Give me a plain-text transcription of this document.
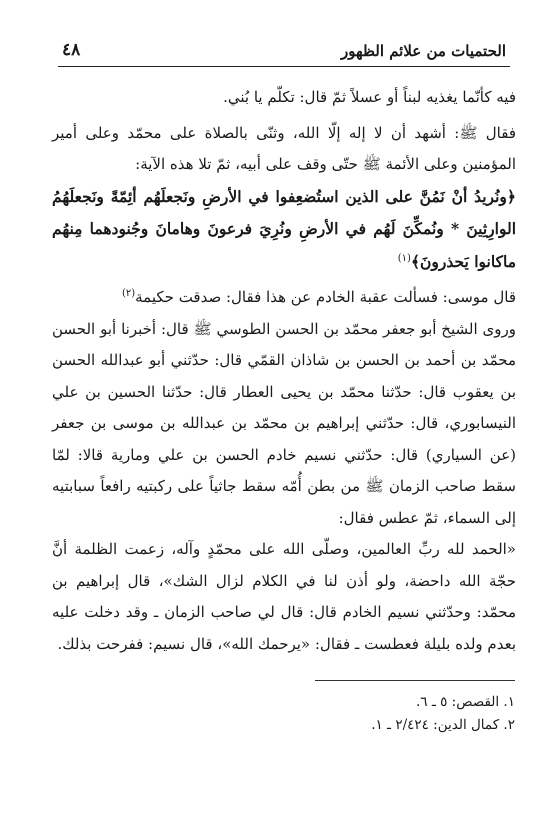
٤٨	الحتميات من علائم الظهور

فيه كأنّما يغذيه لبناً أو عسلاً ثمّ قال: تكلّم يا بُني.

فقال ﷺ: أشهد أن لا إله إلّا الله، وثنّى بالصلاة على محمّد وعلى أمير المؤمنين وعلى الأئمة ﷺ حتّى وقف على أبيه، ثمّ تلا هذه الآية:

﴿ونُريدُ أنْ نَمُنَّ على الذين استُضعِفوا في الأرضِ ونَجعلَهُم أئِمّةً ونَجعلَهُمُ الوارِثِينَ * ونُمكِّنَ لَهُم في الأرضِ ونُرِيَ فرعونَ وهامانَ وجُنودهما مِنهُم ماكانوا يَحذرونَ﴾$^{(١)}$

قال موسى: فسألت عقبة الخادم عن هذا فقال: صدقت حكيمة$^{(٢)}$

وروى الشيخ أبو جعفر محمّد بن الحسن الطوسي ﷺ قال: أخبرنا أبو الحسن محمّد بن أحمد بن الحسن بن شاذان القمّي قال: حدّثني أبو عبدالله الحسن بن يعقوب قال: حدّثنا محمّد بن يحيى العطار قال: حدّثنا الحسين بن علي النيسابوري، قال: حدّثني إبراهيم بن محمّد بن عبدالله بن موسى بن جعفر (عن السياري) قال: حدّثني نسيم خادم الحسن بن علي ومارية قالا: لمّا سقط صاحب الزمان ﷺ من بطن أُمّه سقط جاثياً على ركبتيه رافعاً سبابتيه إلى السماء، ثمّ عطس فقال:

«الحمد لله ربِّ العالمين، وصلّى الله على محمّدٍ وآله، زعمت الظلمة أنَّ حجّة الله داحضة، ولو أذن لنا في الكلام لزال الشك»، قال إبراهيم بن محمّد: وحدّثني نسيم الخادم قال: قال لي صاحب الزمان ـ وقد دخلت عليه بعدم ولده بليلة فعطست ـ فقال: «يرحمك الله»، قال نسيم: ففرحت بذلك.

١. القصص: ٥ ـ ٦.

٢. كمال الدين: ٢/٤٢٤ ـ ١.
